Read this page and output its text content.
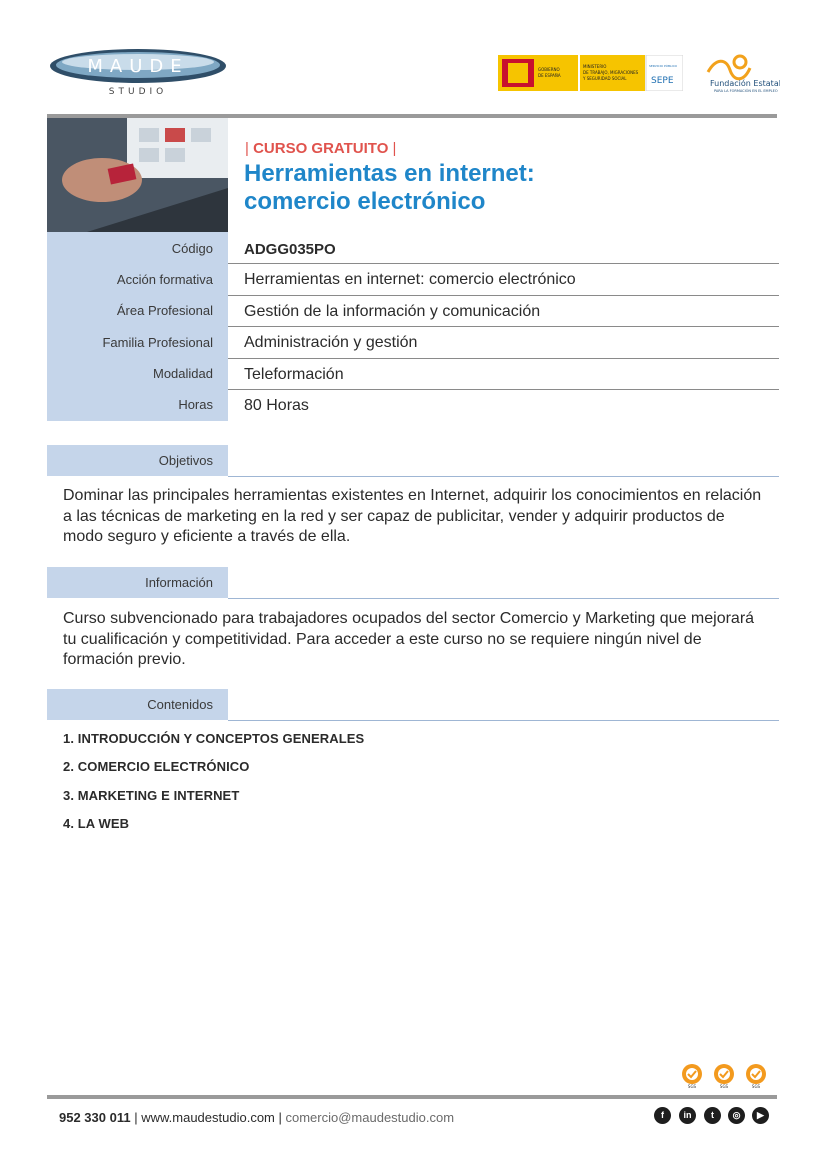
MAUDE
STUDIO
GOBIERNO
DE ESPAÑA
MINISTERIO
DE TRABAJO, MIGRACIONES
Y SEGURIDAD SOCIAL
SERVICIO PÚBLICO
SEPE	Fundación Estatal
PARA LA FORMACIÓN EN EL EMPLEO
| CURSO GRATUITO |
Herramientas en internet:
comercio electrónico
Código ADGG035PO
Acción formativa Herramientas en internet: comercio electrónico
Área Profesional Gestión de la información y comunicación
Familia Profesional Administración y gestión
Modalidad Teleformación
Horas 80 Horas
Objetivos
Dominar las principales herramientas existentes en Internet, adquirir los conocimientos en relación a las técnicas de marketing en la red y ser capaz de publicitar, vender y adquirir productos de modo seguro y eficiente a través de ella.
Información
Curso subvencionado para trabajadores ocupados del sector Comercio y Marketing que mejorará tu cualificación y competitividad. Para acceder a este curso no se requiere ningún nivel de formación previo.
Contenidos
1. INTRODUCCIÓN Y CONCEPTOS GENERALES
2. COMERCIO ELECTRÓNICO
3. MARKETING E INTERNET
4. LA WEB
SGS	SGS	SGS
952 330 011 | www.maudestudio.com | comercio@maudestudio.com	f	in	t	◎	▶
